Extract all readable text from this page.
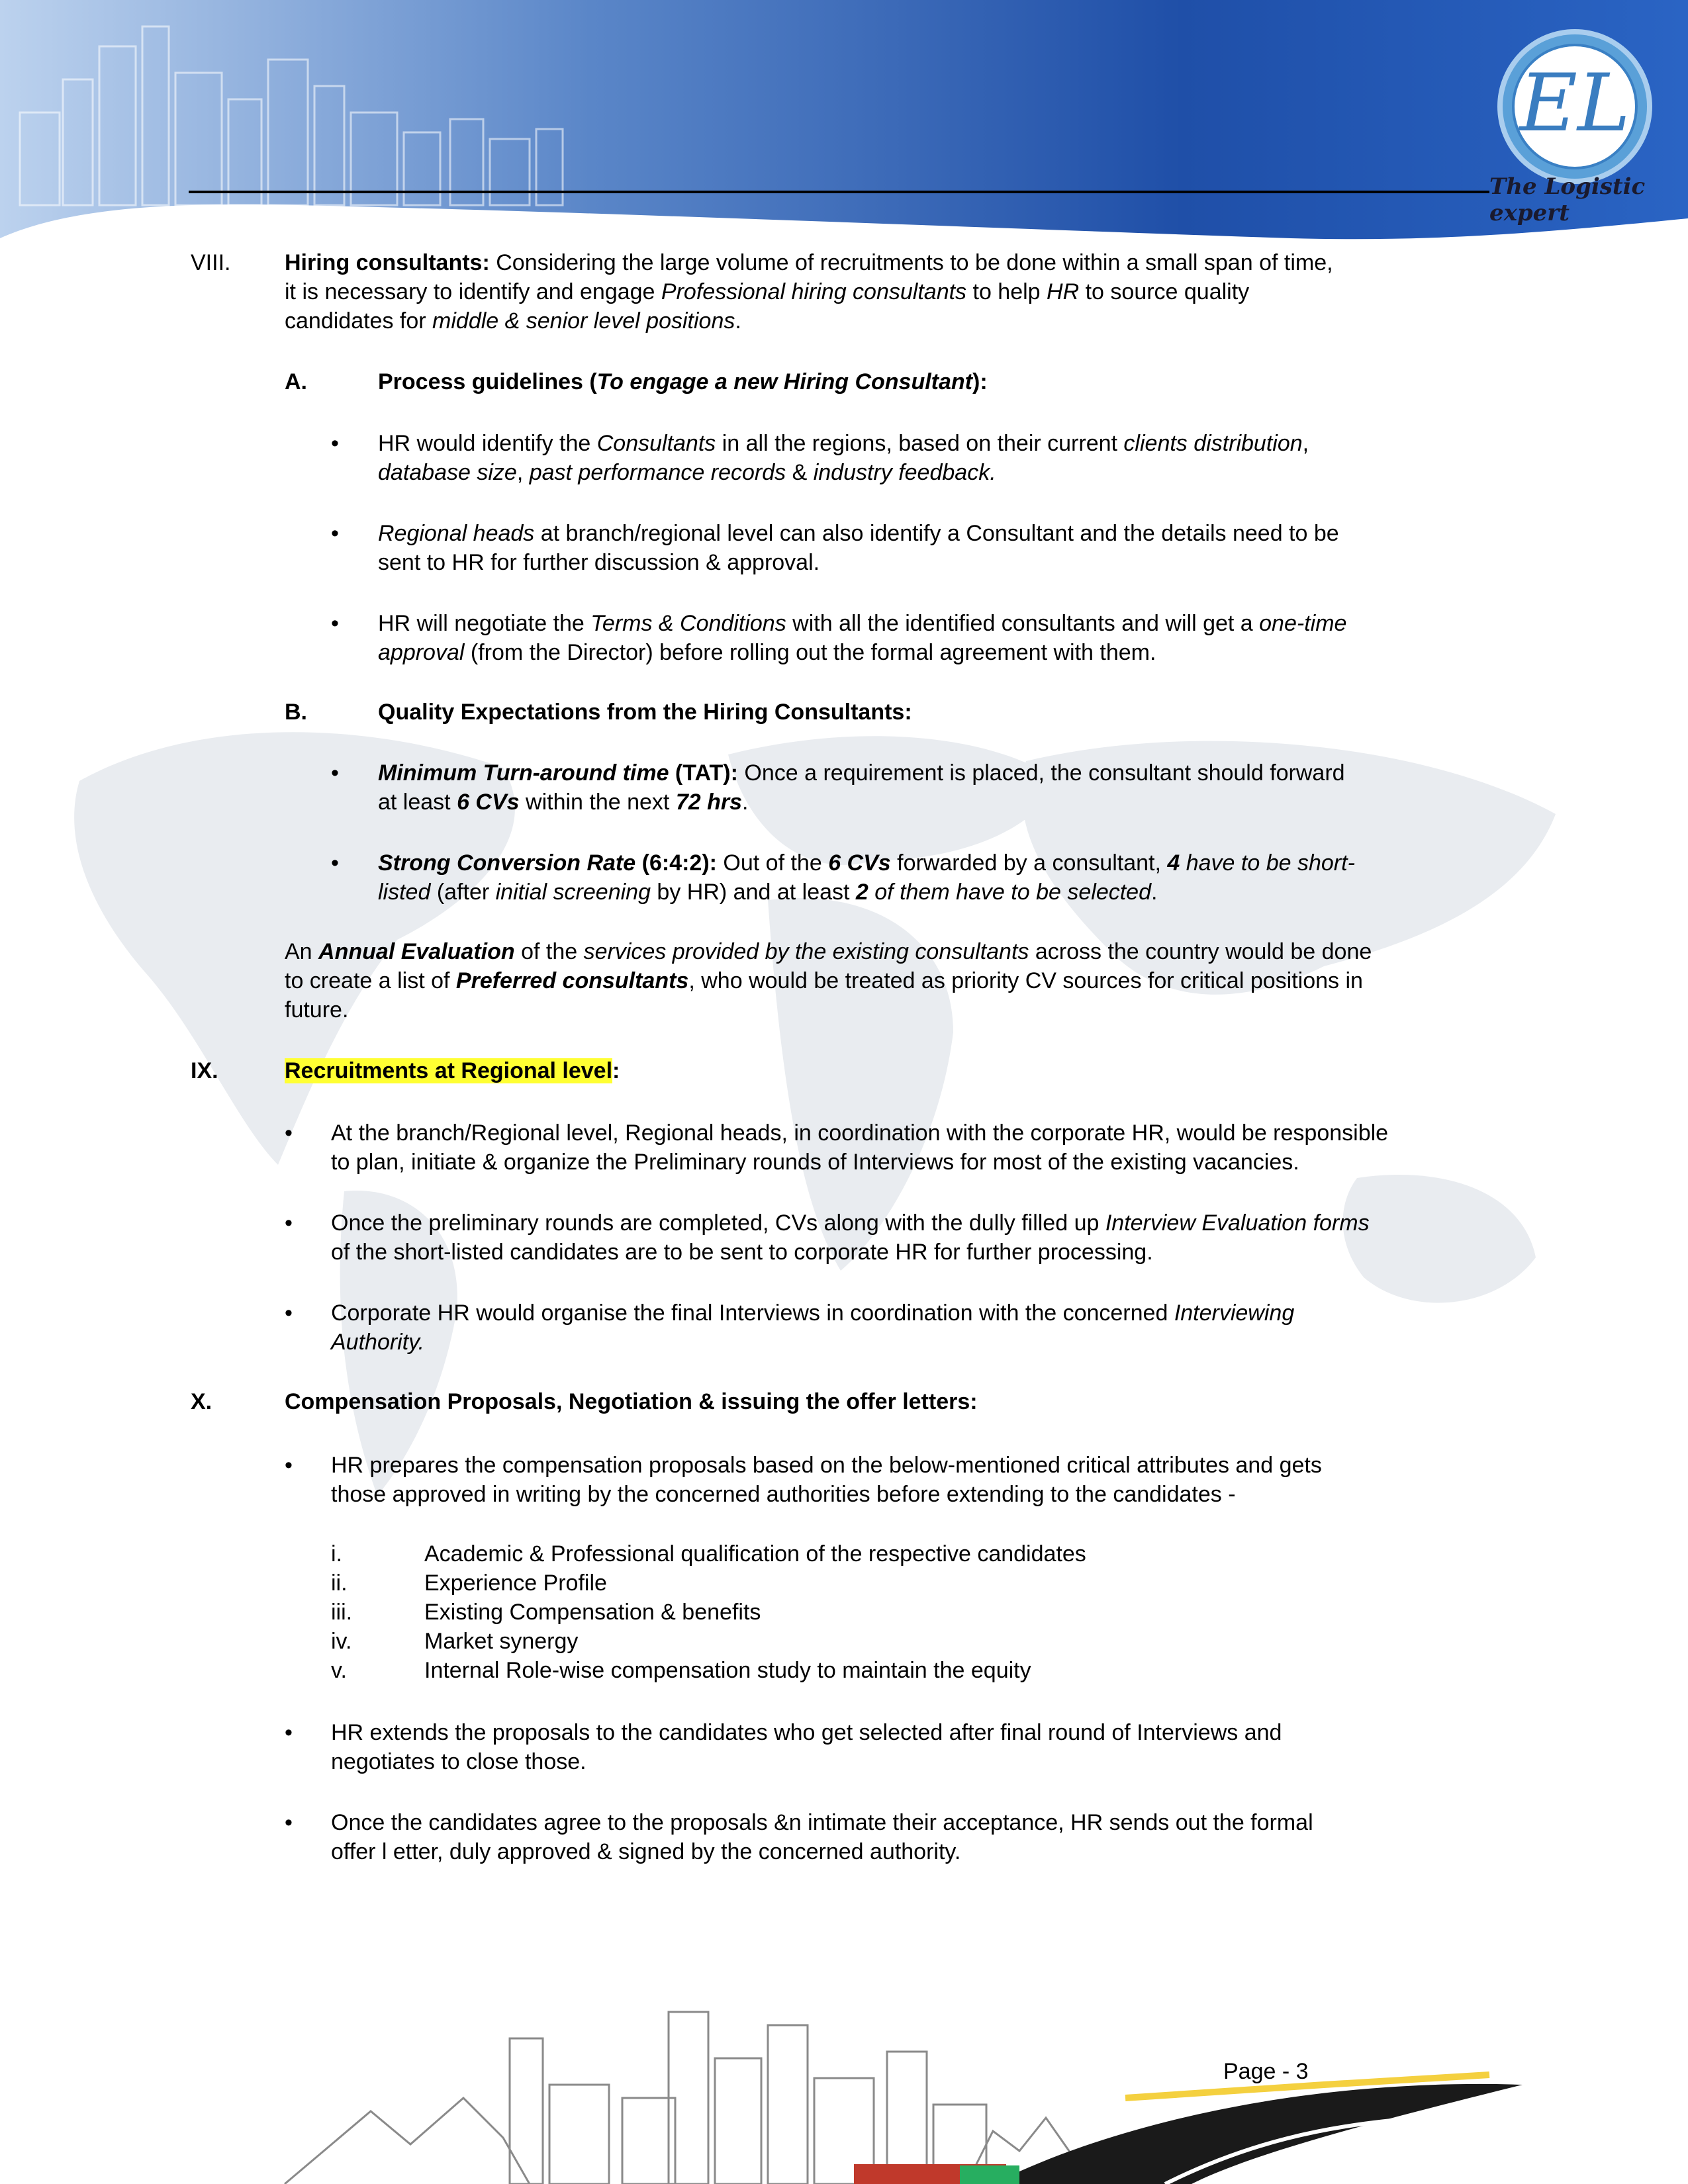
EL
The Logistic expert
VIII. Hiring consultants: Considering the large volume of recruitments to be done within a small span of time,
it is necessary to identify and engage Professional hiring consultants to help HR to source quality
candidates for middle & senior level positions.
A.	Process guidelines (To engage a new Hiring Consultant):
• HR would identify the Consultants in all the regions, based on their current clients distribution,
database size, past performance records & industry feedback.
• Regional heads at branch/regional level can also identify a Consultant and the details need to be
sent to HR for further discussion & approval.
• HR will negotiate the Terms & Conditions with all the identified consultants and will get a one-time
approval (from the Director) before rolling out the formal agreement with them.
B.	Quality Expectations from the Hiring Consultants:
• Minimum Turn-around time (TAT): Once a requirement is placed, the consultant should forward
at least 6 CVs within the next 72 hrs.
• Strong Conversion Rate (6:4:2): Out of the 6 CVs forwarded by a consultant, 4 have to be short-
listed (after initial screening by HR) and at least 2 of them have to be selected.
An Annual Evaluation of the services provided by the existing consultants across the country would be done
to create a list of Preferred consultants, who would be treated as priority CV sources for critical positions in
future.
IX.	Recruitments at Regional level:
• At the branch/Regional level, Regional heads, in coordination with the corporate HR, would be responsible
to plan, initiate & organize the Preliminary rounds of Interviews for most of the existing vacancies.
• Once the preliminary rounds are completed, CVs along with the dully filled up Interview Evaluation forms
of the short-listed candidates are to be sent to corporate HR for further processing.
• Corporate HR would organise the final Interviews in coordination with the concerned Interviewing
Authority.
X.	Compensation Proposals, Negotiation & issuing the offer letters:
• HR prepares the compensation proposals based on the below-mentioned critical attributes and gets
those approved in writing by the concerned authorities before extending to the candidates -
i.	Academic & Professional qualification of the respective candidates
ii.	Experience Profile
iii.	Existing Compensation & benefits
iv.	Market synergy
v.	Internal Role-wise compensation study to maintain the equity
• HR extends the proposals to the candidates who get selected after final round of Interviews and
negotiates to close those.
• Once the candidates agree to the proposals &n intimate their acceptance, HR sends out the formal
offer l etter, duly approved & signed by the concerned authority.
Page - 3
